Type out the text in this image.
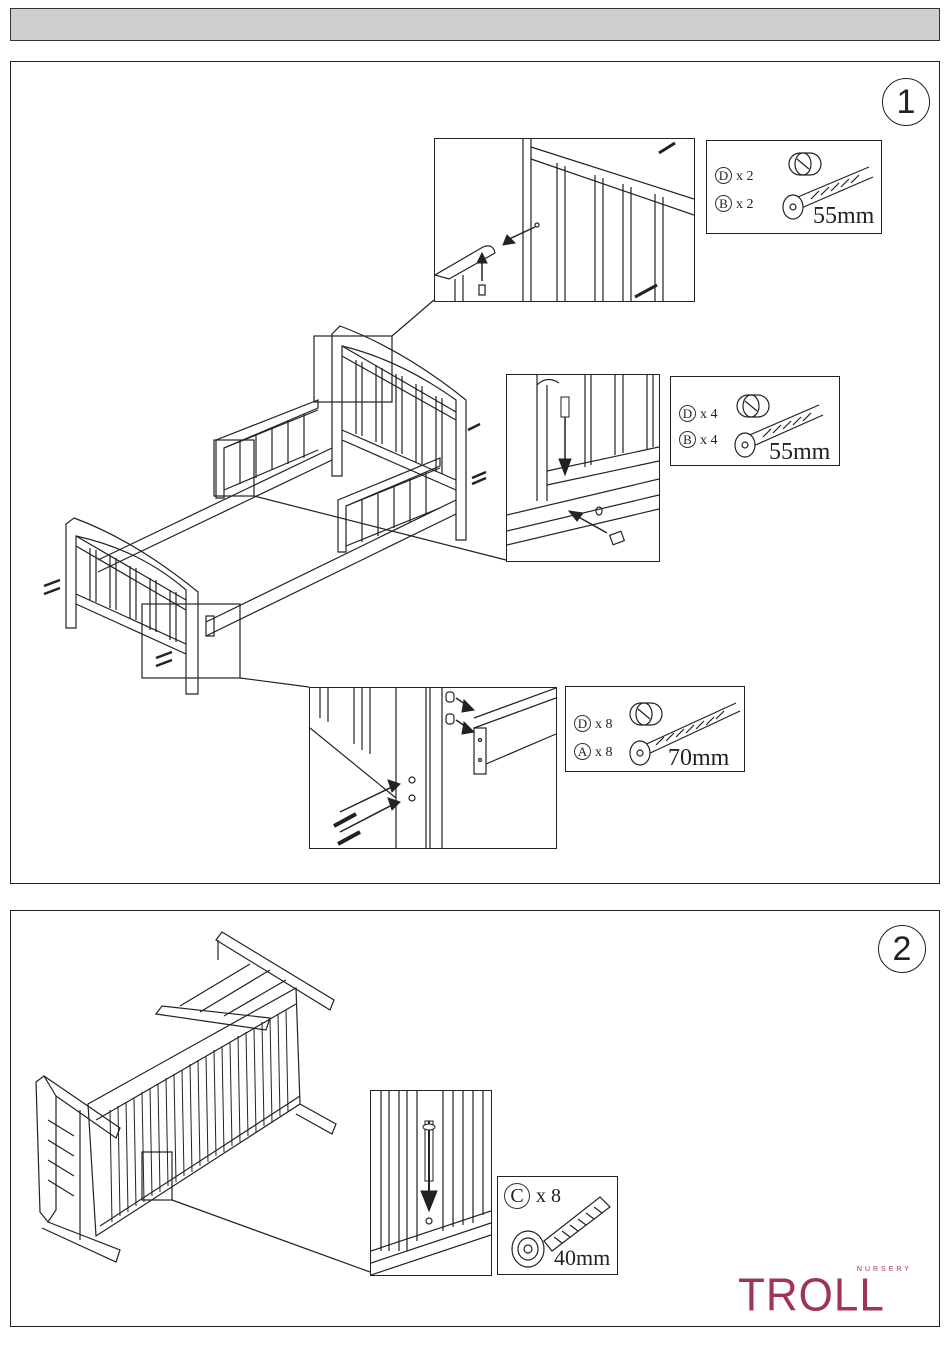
1
D x 2
B x 2 55mm
D x 4
B x 4 55mm
D x 8
A x 8 70mm
2
C x 8
40mm	NURSERY
TROLL
